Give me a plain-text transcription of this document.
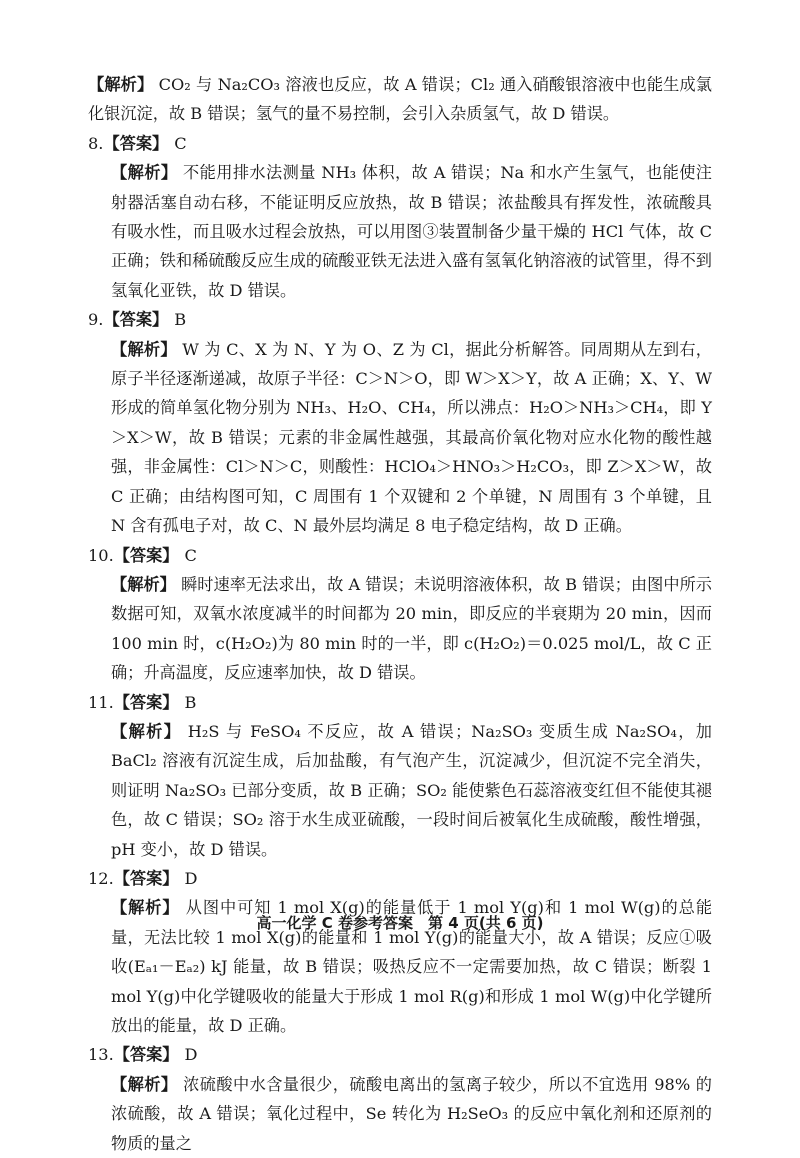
【解析】 CO₂ 与 Na₂CO₃ 溶液也反应，故 A 错误；Cl₂ 通入硝酸银溶液中也能生成氯化银沉淀，故 B 错误；氢气的量不易控制，会引入杂质氢气，故 D 错误。

8.【答案】 C

【解析】 不能用排水法测量 NH₃ 体积，故 A 错误；Na 和水产生氢气，也能使注射器活塞自动右移，不能证明反应放热，故 B 错误；浓盐酸具有挥发性，浓硫酸具有吸水性，而且吸水过程会放热，可以用图③装置制备少量干燥的 HCl 气体，故 C 正确；铁和稀硫酸反应生成的硫酸亚铁无法进入盛有氢氧化钠溶液的试管里，得不到氢氧化亚铁，故 D 错误。

9.【答案】 B

【解析】 W 为 C、X 为 N、Y 为 O、Z 为 Cl，据此分析解答。同周期从左到右，原子半径逐渐递减，故原子半径：C＞N＞O，即 W＞X＞Y，故 A 正确；X、Y、W 形成的简单氢化物分别为 NH₃、H₂O、CH₄，所以沸点：H₂O＞NH₃＞CH₄，即 Y＞X＞W，故 B 错误；元素的非金属性越强，其最高价氧化物对应水化物的酸性越强，非金属性：Cl＞N＞C，则酸性：HClO₄＞HNO₃＞H₂CO₃，即 Z＞X＞W，故 C 正确；由结构图可知，C 周围有 1 个双键和 2 个单键，N 周围有 3 个单键，且 N 含有孤电子对，故 C、N 最外层均满足 8 电子稳定结构，故 D 正确。

10.【答案】 C

【解析】 瞬时速率无法求出，故 A 错误；未说明溶液体积，故 B 错误；由图中所示数据可知，双氧水浓度减半的时间都为 20 min，即反应的半衰期为 20 min，因而 100 min 时，c(H₂O₂)为 80 min 时的一半，即 c(H₂O₂)＝0.025 mol/L，故 C 正确；升高温度，反应速率加快，故 D 错误。

11.【答案】 B

【解析】 H₂S 与 FeSO₄ 不反应，故 A 错误；Na₂SO₃ 变质生成 Na₂SO₄，加 BaCl₂ 溶液有沉淀生成，后加盐酸，有气泡产生，沉淀减少，但沉淀不完全消失，则证明 Na₂SO₃ 已部分变质，故 B 正确；SO₂ 能使紫色石蕊溶液变红但不能使其褪色，故 C 错误；SO₂ 溶于水生成亚硫酸，一段时间后被氧化生成硫酸，酸性增强，pH 变小，故 D 错误。

12.【答案】 D

【解析】 从图中可知 1 mol X(g)的能量低于 1 mol Y(g)和 1 mol W(g)的总能量，无法比较 1 mol X(g)的能量和 1 mol Y(g)的能量大小，故 A 错误；反应①吸收(Eₐ₁－Eₐ₂) kJ 能量，故 B 错误；吸热反应不一定需要加热，故 C 错误；断裂 1 mol Y(g)中化学键吸收的能量大于形成 1 mol R(g)和形成 1 mol W(g)中化学键所放出的能量，故 D 正确。

13.【答案】 D

【解析】 浓硫酸中水含量很少，硫酸电离出的氢离子较少，所以不宜选用 98% 的浓硫酸，故 A 错误；氧化过程中，Se 转化为 H₂SeO₃ 的反应中氧化剂和还原剂的物质的量之

高一化学 C 卷参考答案　第 4 页(共 6 页)
